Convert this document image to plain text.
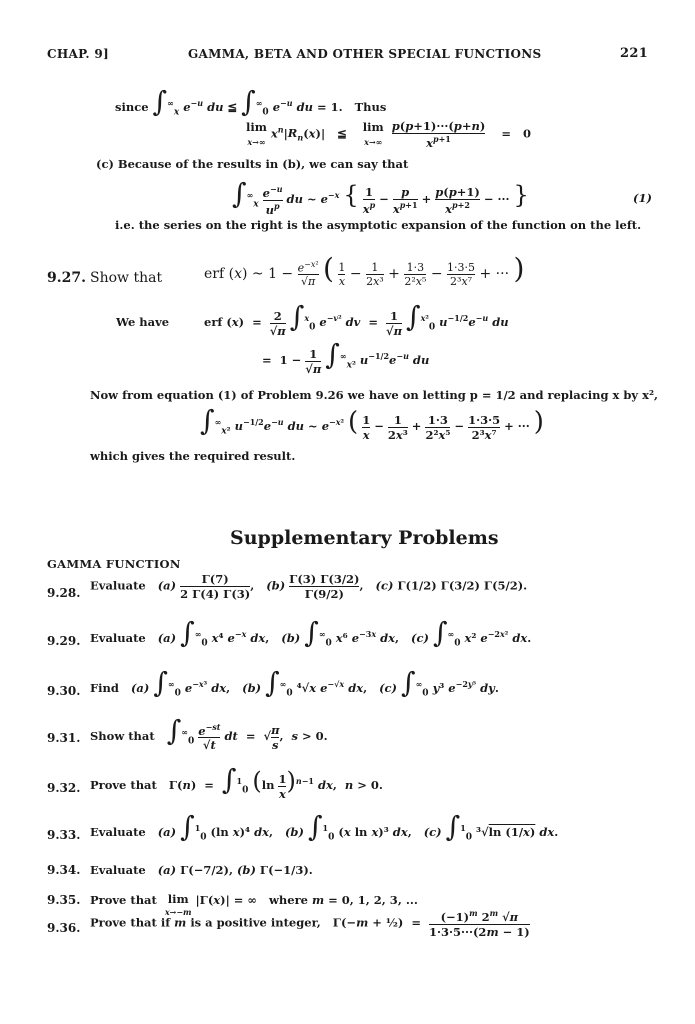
CHAP. 9]	GAMMA, BETA AND OTHER SPECIAL FUNCTIONS	221
since $\int^\infty_x$ $e^{-u}$ du ≦ $\int^\infty_0$ $e^{-u}$ du = 1.   Thus
lim
x→∞ $x^n|R_n(x)|$   ≦    lim
$x\to\infty \frac{p(p+1)\cdot\cdot\cdot(p+n)}{x^{p+1}} = 0$
(c) Because of the results in (b), we can say that
$\int^\infty_x \frac{e^{-u}}{u^p}$ du ~ $e^{-x}$ { $\frac{1}{x^p} - \frac{p}{x^{p+1}} + \frac{p(p+1)}{x^{p+2}}$ − ··· }	(1)
i.e. the series on the right is the asymptotic expansion of the function on the left.
9.27. Show that	erf (x) ~ $1 - \frac{e^{-x^2}}{√\pi}$ ( $\frac{1}{x} - \frac{1}{\text{2x³}} + \frac{1\cdot 3}{\text{2²x⁵}} - \frac{1\cdot 3\cdot 5}{\text{2³x⁷}}$ + ··· )
We have	erf $(x) = \frac{2}{√\pi} \int^x_0$ $e^{-v^2}$ dv  = $\frac{1}{√\pi} \int^{x^2}_0$ $u^{-1/2}e^{-u}$ du
=  $1 - \frac{1}{√\pi} \int^\infty_{x^2}$ $u^{-1/2}e^{-u}$ du
Now from equation (1) of Problem 9.26 we have on letting p = 1/2 and replacing x by x²,
$\int^\infty_{x^2}$ $u^{-1/2}e^{-u}$ du ~ $e^{-x^2}$ ( $\frac{1}{x} - \frac{1}{\text{2x³}} + \frac{1\cdot 3}{\text{2²x⁵}} - \frac{1\cdot 3\cdot 5}{\text{2³x⁷}}$ + ··· )
which gives the required result.
Supplementary Problems
GAMMA FUNCTION
9.28.
Evaluate   $(a) \frac{\Gamma(7)}{2 \Gamma(4) \Gamma(3)}$ ,   $(b) \frac{\Gamma(3) \Gamma(3/2)}{\Gamma(9/2)}$ ,   (c) Γ(1/2) Γ(3/2) Γ(5/2).
9.29. Evaluate   (a) $\int^\infty_0$ x⁴ $e^{-x}$ dx,   (b) $\int^\infty_0$ x⁶ $e^{-3x}$ dx,   (c) $\int^\infty_0$ x² $e^{-2x^2}$ dx.
9.30. Find   (a) $\int^\infty_0$ $e^{-x^3}$ dx,   (b) $\int^\infty_0$ ⁴√x $e^{-√x}$ dx,   (c) $\int^\infty_0$ y³ $e^{-2y^5}$ dy.
9.31. Show that   $\int^\infty_0 \frac{e^{-st}}{√t}$ dt  =  √ $\frac{\pi}{s}$ ,  s > 0.
9.32. Prove that   Γ(n)  =  ∫$^1_0$ $(\ln \frac{1}{x} )^{n-1}$ dx,  n > 0.
9.33. Evaluate   (a) ∫$^1_0$ (ln x)⁴ dx,   (b) ∫$^1_0$ (x ln x)³ dx,   (c) ∫$^1_0$ ³√ln (1/x) dx.
9.34. Evaluate   (a) Γ(−7/2), (b) Γ(−1/3).
9.35. Prove that  lim
x→−m |Γ(x)| = ∞   where m = 0, 1, 2, 3, ...
9.36. Prove that if m is a positive integer,   Γ(−m + ½)  = $\frac{(-1)^m 2^m √\pi}{1\cdot 3\cdot 5\cdot\cdot\cdot(2m - 1)}$
